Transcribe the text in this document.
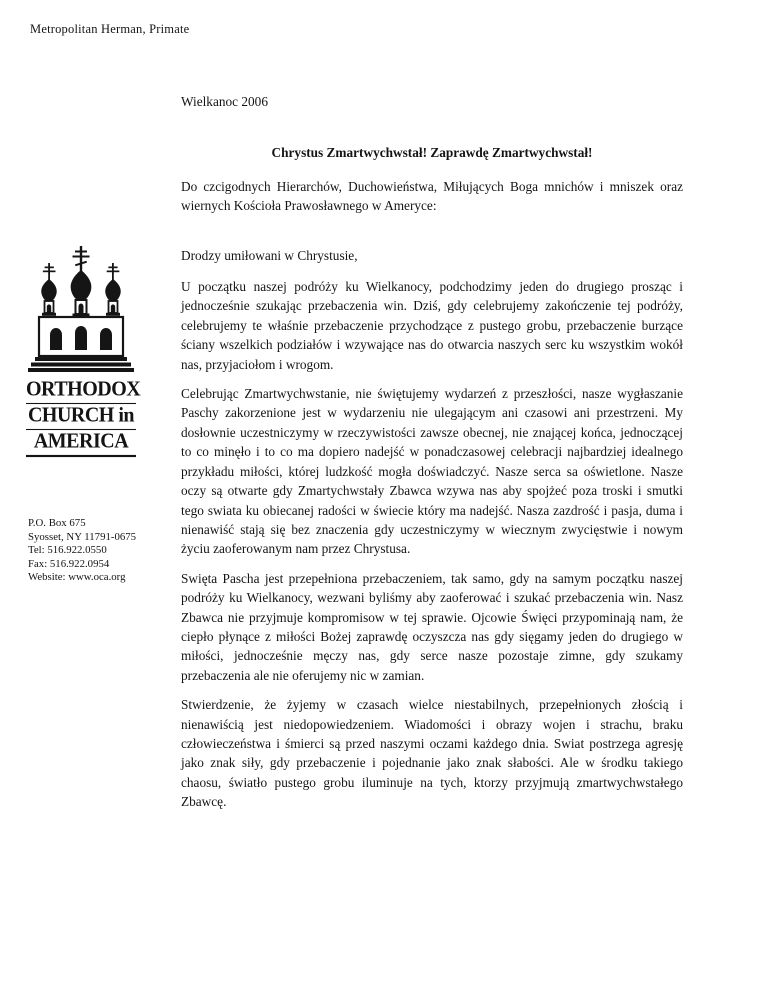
Metropolitan Herman, Primate
ORTHODOX
CHURCH in
AMERICA
P.O. Box 675
Syosset, NY 11791-0675
Tel: 516.922.0550
Fax: 516.922.0954
Website: www.oca.org

Wielkanoc 2006

Chrystus Zmartwychwstał! Zaprawdę Zmartwychwstał!

Do czcigodnych Hierarchów, Duchowieństwa, Miłujących Boga mnichów i mniszek oraz wiernych Kościoła Prawosławnego w Ameryce:

Drodzy umiłowani w Chrystusie,

U początku naszej podróży ku Wielkanocy, podchodzimy jeden do drugiego prosząc i jednocześnie szukając przebaczenia win. Dziś, gdy celebrujemy zakończenie tej podróży, celebrujemy te właśnie przebaczenie przychodzące z pustego grobu, przebaczenie burzące ściany wszelkich podziałów i wzywające nas do otwarcia naszych serc ku wszystkim wokół nas, przyjaciołom i wrogom.

Celebrując Zmartwychwstanie, nie świętujemy wydarzeń z przeszłości, nasze wygłaszanie Paschy zakorzenione jest w wydarzeniu nie ulegającym ani czasowi ani przestrzeni. My dosłownie uczestniczymy w rzeczywistości zawsze obecnej, nie znającej końca, jednoczącej to co minęło i to co ma dopiero nadejść w ponadczasowej celebracji najbardziej idealnego przykładu miłości, której ludzkość mogła doświadczyć. Nasze serca sa oświetlone. Nasze oczy są otwarte gdy Zmartychwstały Zbawca wzywa nas aby spojżeć poza troski i smutki tego swiata ku obiecanej radości w świecie który ma nadejść. Nasza zazdrość i pasja, duma i nienawiść stają się bez znaczenia gdy uczestniczymy w wiecznym zwycięstwie i nowym życiu zaoferowanym nam przez Chrystusa.

Swięta Pascha jest przepełniona przebaczeniem, tak samo, gdy na samym początku naszej podróży ku Wielkanocy, wezwani byliśmy aby zaoferować i szukać przebaczenia win. Nasz Zbawca nie przyjmuje kompromisow w tej sprawie. Ojcowie Święci przypominają nam, że ciepło płynące z miłości Bożej zaprawdę oczyszcza nas gdy sięgamy jeden do drugiego w miłości, jednocześnie męczy nas, gdy serce nasze pozostaje zimne, gdy szukamy przebaczenia ale nie oferujemy nic w zamian.

Stwierdzenie, że żyjemy w czasach wielce niestabilnych, przepełnionych złością i nienawiścią jest niedopowiedzeniem. Wiadomości i obrazy wojen i strachu, braku człowieczeństwa i śmierci są przed naszymi oczami każdego dnia. Swiat postrzega agresję jako znak siły, gdy przebaczenie i pojednanie jako znak słabości. Ale w środku takiego chaosu, światło pustego grobu iluminuje na tych, ktorzy przyjmują zmartwychwstałego Zbawcę.
